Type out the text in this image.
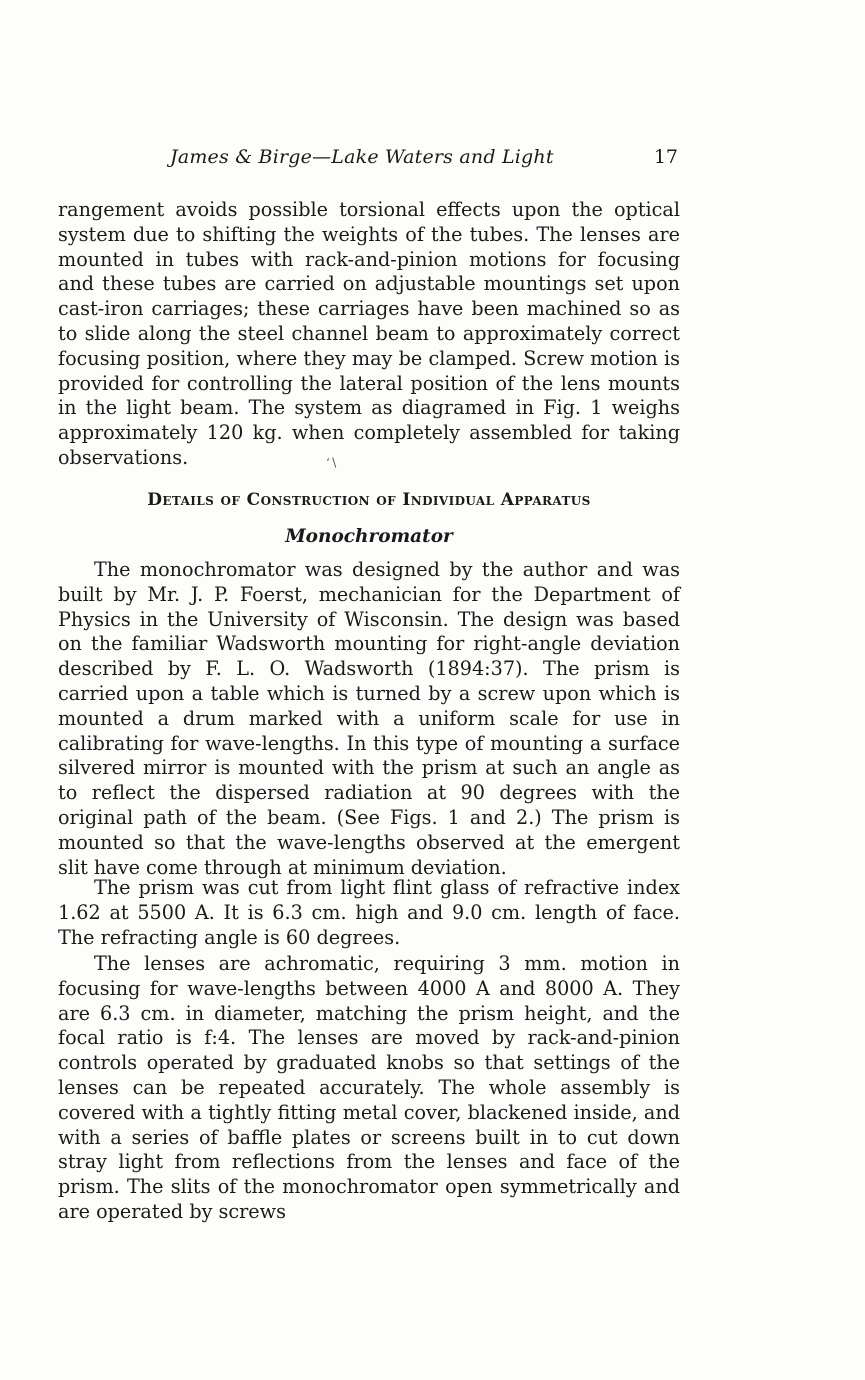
James & Birge—Lake Waters and Light	17

rangement avoids possible torsional effects upon the optical system due to shifting the weights of the tubes. The lenses are mounted in tubes with rack-and-pinion motions for focusing and these tubes are carried on adjustable mountings set upon cast-iron carriages; these carriages have been machined so as to slide along the steel channel beam to approximately correct focusing position, where they may be clamped. Screw motion is provided for controlling the lateral position of the lens mounts in the light beam. The system as diagramed in Fig. 1 weighs approximately 120 kg. when completely assembled for taking observations.	‘∖
Details of Construction of Individual Apparatus
Monochromator

The monochromator was designed by the author and was built by Mr. J. P. Foerst, mechanician for the Department of Physics in the University of Wisconsin. The design was based on the familiar Wadsworth mounting for right-angle deviation described by F. L. O. Wadsworth (1894:37). The prism is carried upon a table which is turned by a screw upon which is mounted a drum marked with a uniform scale for use in calibrating for wave-lengths. In this type of mounting a surface silvered mirror is mounted with the prism at such an angle as to reflect the dispersed radiation at 90 degrees with the original path of the beam. (See Figs. 1 and 2.) The prism is mounted so that the wave-lengths observed at the emergent slit have come through at minimum deviation.

The prism was cut from light flint glass of refractive index 1.62 at 5500 A. It is 6.3 cm. high and 9.0 cm. length of face. The refracting angle is 60 degrees.

The lenses are achromatic, requiring 3 mm. motion in focusing for wave-lengths between 4000 A and 8000 A. They are 6.3 cm. in diameter, matching the prism height, and the focal ratio is f:4. The lenses are moved by rack-and-pinion controls operated by graduated knobs so that settings of the lenses can be repeated accurately. The whole assembly is covered with a tightly fitting metal cover, blackened inside, and with a series of baffle plates or screens built in to cut down stray light from reflections from the lenses and face of the prism. The slits of the monochromator open symmetrically and are operated by screws
